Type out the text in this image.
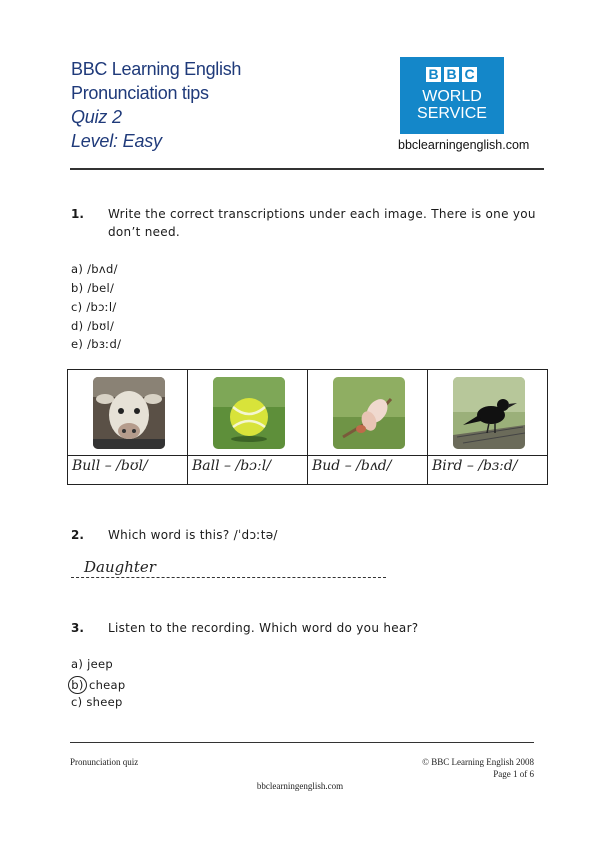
BBC Learning English
Pronunciation tips
Quiz 2
Level: Easy
B B C
WORLD
SERVICE
bbclearningenglish.com
1. Write the correct transcriptions under each image. There is one you don’t need.
a) /bʌd/
b) /bel/
c) /bɔːl/
d) /bʊl/
e) /bɜːd/
Bull – /bʊl/	Ball – /bɔːl/	Bud – /bʌd/	Bird – /bɜːd/
2. Which word is this? /ˈdɔːtə/
Daughter
3. Listen to the recording. Which word do you hear?
a) jeep
b) cheap
c) sheep
Pronunciation quiz	© BBC Learning English 2008
Page 1 of 6
bbclearningenglish.com
